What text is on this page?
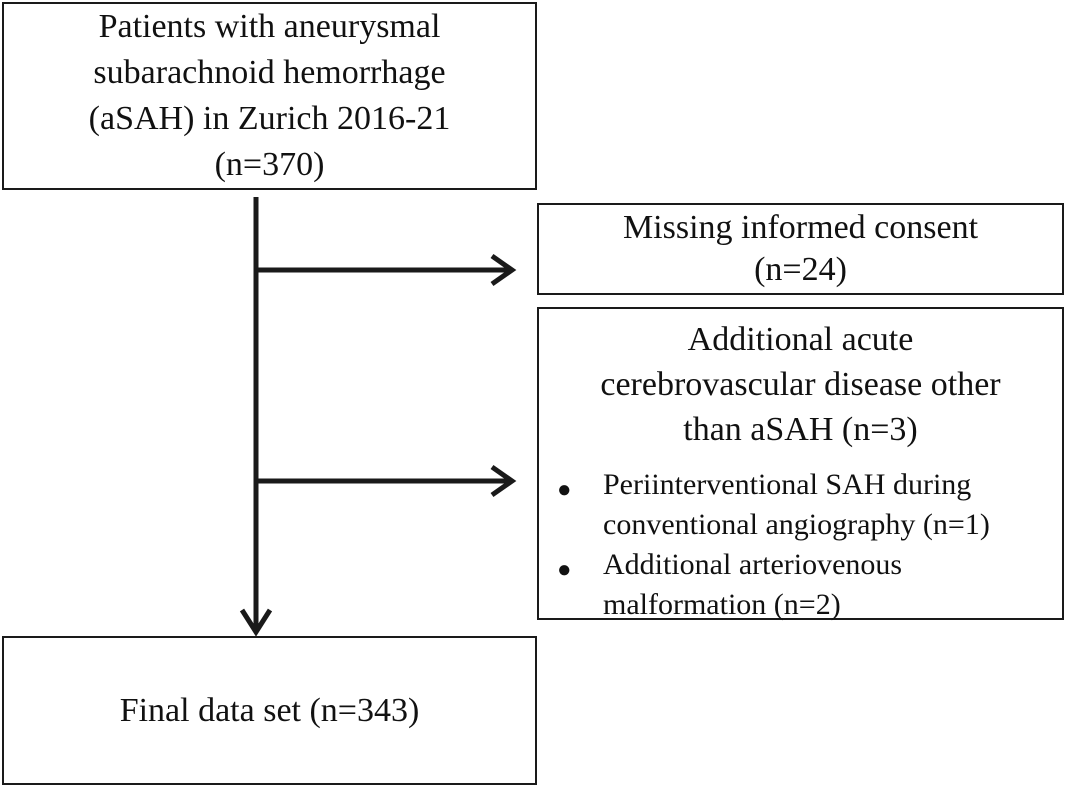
Patients with aneurysmal
subarachnoid hemorrhage
(aSAH) in Zurich 2016-21
(n=370)
Missing informed consent
(n=24)
Additional acute
cerebrovascular disease other
than aSAH (n=3)
● Periinterventional SAH during
conventional angiography (n=1)
● Additional arteriovenous
malformation (n=2)
Final data set (n=343)
